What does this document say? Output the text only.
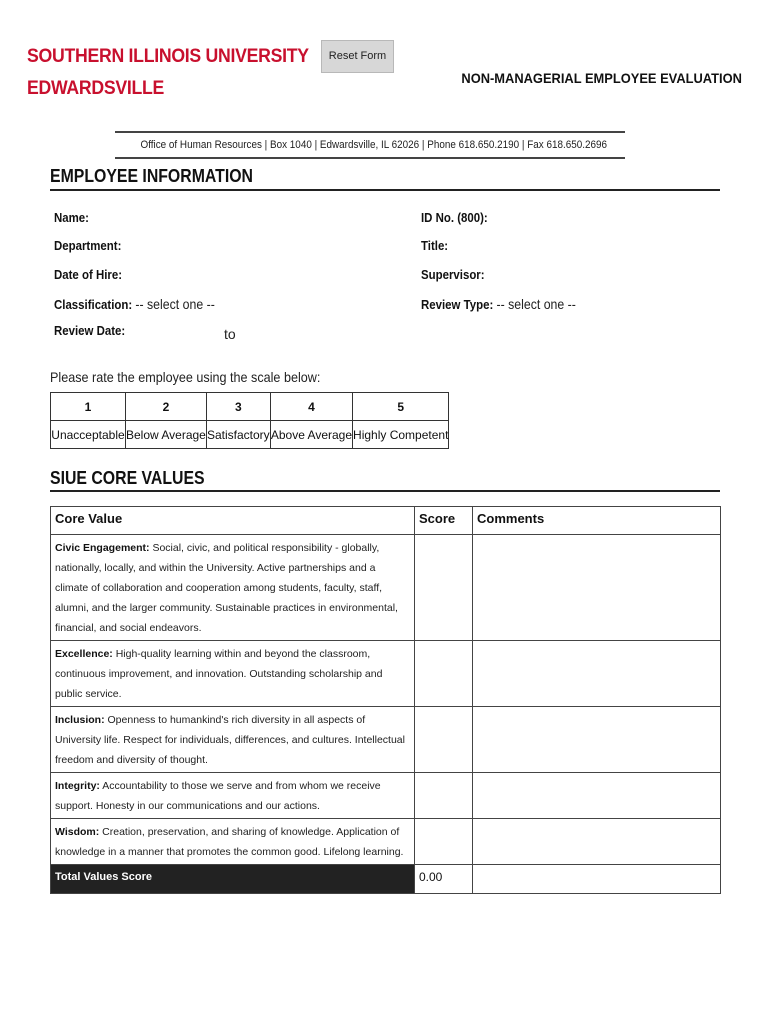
SOUTHERN ILLINOIS UNIVERSITY
EDWARDSVILLE
Reset Form
NON-MANAGERIAL EMPLOYEE EVALUATION
Office of Human Resources | Box 1040 | Edwardsville, IL 62026 | Phone 618.650.2190 | Fax 618.650.2696
EMPLOYEE INFORMATION
Name:	ID No. (800):
Department:	Title:
Date of Hire:	Supervisor:
Classification: -- select one --	Review Type: -- select one --
Review Date:	to
Please rate the employee using the scale below:
1	2	3	4	5
Unacceptable	Below Average	Satisfactory	Above Average	Highly Competent
SIUE CORE VALUES
Core Value	Score	Comments
Civic Engagement: Social, civic, and political responsibility - globally, nationally, locally, and within the University. Active partnerships and a climate of collaboration and cooperation among students, faculty, staff, alumni, and the larger community. Sustainable practices in environmental, financial, and social endeavors.		
Excellence: High-quality learning within and beyond the classroom, continuous improvement, and innovation. Outstanding scholarship and public service.		
Inclusion: Openness to humankind's rich diversity in all aspects of University life. Respect for individuals, differences, and cultures. Intellectual freedom and diversity of thought.		
Integrity: Accountability to those we serve and from whom we receive support. Honesty in our communications and our actions.		
Wisdom: Creation, preservation, and sharing of knowledge. Application of knowledge in a manner that promotes the common good. Lifelong learning.		
Total Values Score	0.00	
